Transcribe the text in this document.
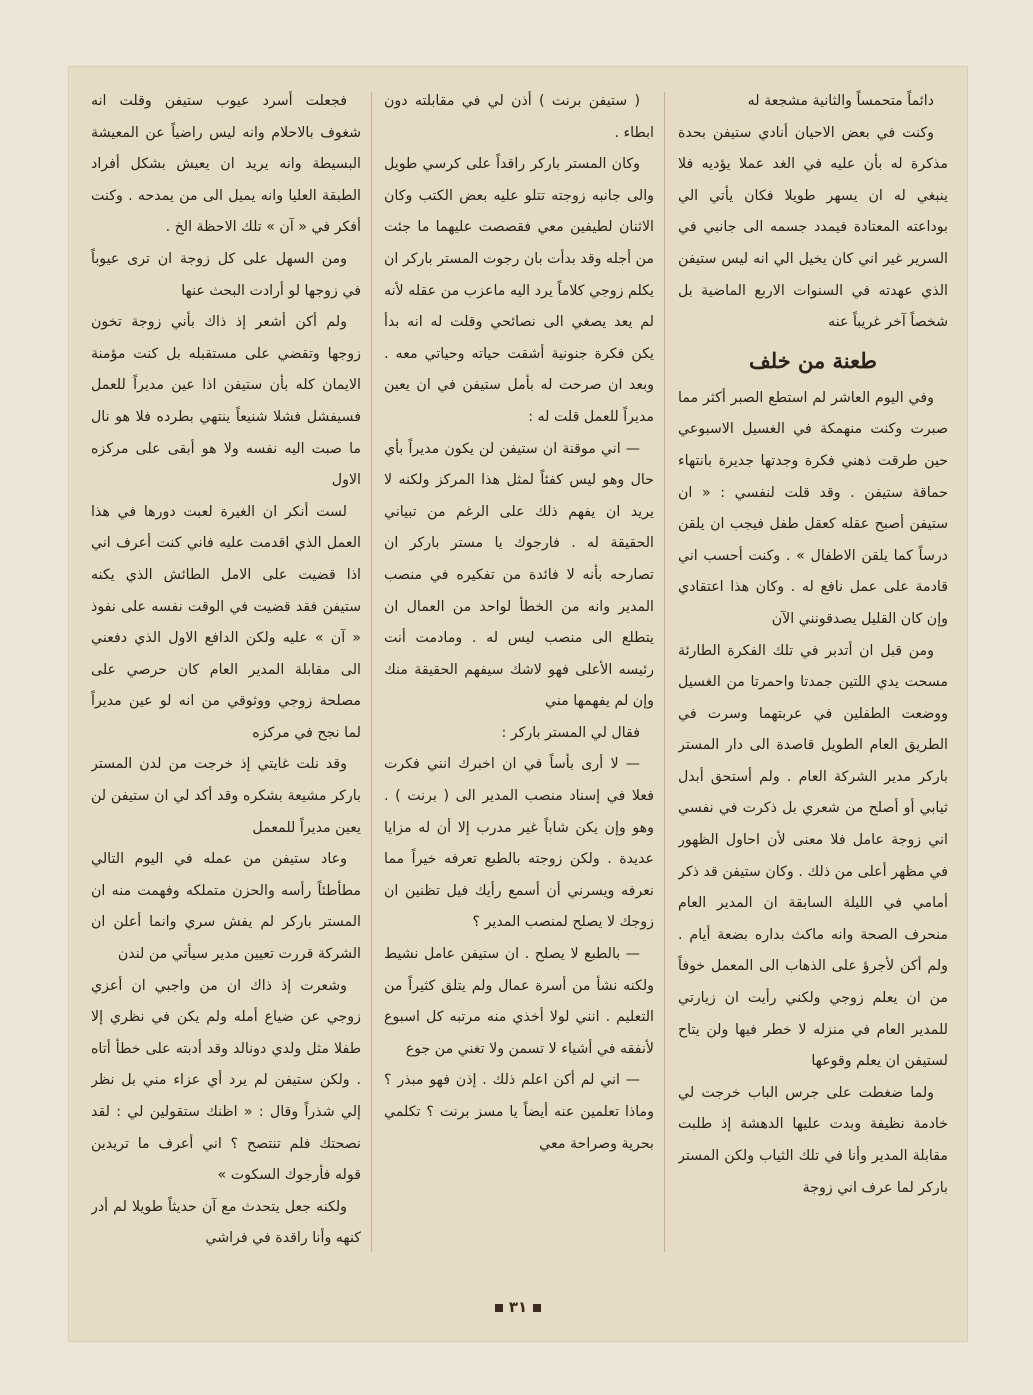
دائماً متحمساً والثانية مشجعة له

وكنت في بعض الاحيان أنادي ستيفن بحدة مذكرة له بأن عليه في الغد عملا يؤديه فلا ينبغي له ان يسهر طويلا فكان يأتي الي بوداعته المعتادة فيمدد جسمه الى جانبي في السرير غير اني كان يخيل الي انه ليس ستيفن الذي عهدته في السنوات الاربع الماضية بل شخصاً آخر غريباً عنه

طعنة من خلف

وفي اليوم العاشر لم استطع الصبر أكثر مما صبرت وكنت منهمكة في الغسيل الاسبوعي حين طرقت ذهني فكرة وجدتها جديرة بانتهاء حماقة ستيفن . وقد قلت لنفسي : « ان ستيفن أصبح عقله كعقل طفل فيجب ان يلقن درساً كما يلقن الاطفال » . وكنت أحسب اني قادمة على عمل نافع له . وكان هذا اعتقادي وإن كان القليل يصدقونني الآن

ومن قبل ان أتدبر في تلك الفكرة الطارئة مسحت يدي اللتين جمدتا واحمرتا من الغسيل ووضعت الطفلين في عربتهما وسرت في الطريق العام الطويل قاصدة الى دار المستر باركر مدير الشركة العام . ولم أستحق أبدل ثيابي أو أصلح من شعري بل ذكرت في نفسي اني زوجة عامل فلا معنى لأن احاول الظهور في مظهر أعلى من ذلك . وكان ستيفن قد ذكر أمامي في الليلة السابقة ان المدير العام منحرف الصحة وانه ماكث بداره بضعة أيام . ولم أكن لأجرؤ على الذهاب الى المعمل خوفاً من ان يعلم زوجي ولكني رأيت ان زيارتي للمدير العام في منزله لا خطر فيها ولن يتاح لستيفن ان يعلم وقوعها

ولما ضغطت على جرس الباب خرجت لي خادمة نظيفة وبدت عليها الدهشة إذ طلبت مقابلة المدير وأنا في تلك الثياب ولكن المستر باركر لما عرف اني زوجة

( ستيفن برنت ) أذن لي في مقابلته دون ابطاء .

وكان المستر باركر راقداً على كرسي طويل والى جانبه زوجته تتلو عليه بعض الكتب وكان الاثنان لطيفين معي فقصصت عليهما ما جئت من أجله وقد بدأت بان رجوت المستر باركر ان يكلم زوجي كلاماً يرد اليه ماعزب من عقله لأنه لم يعد يصغي الى نصائحي وقلت له انه بدأ يكن فكرة جنونية أشقت حياته وحياتي معه . وبعد ان صرحت له بأمل ستيفن في ان يعين مديراً للعمل قلت له :

— اني موقنة ان ستيفن لن يكون مديراً بأي حال وهو ليس كفئاً لمثل هذا المركز ولكنه لا يريد ان يفهم ذلك على الرغم من تبياني الحقيقة له . فارجوك يا مستر باركر ان تصارحه بأنه لا فائدة من تفكيره في منصب المدير وانه من الخطأ لواحد من العمال ان يتطلع الى منصب ليس له . ومادمت أنت رئيسه الأعلى فهو لاشك سيفهم الحقيقة منك وإن لم يفهمها مني

فقال لي المستر باركر :

— لا أرى بأساً في ان اخبرك انني فكرت فعلا في إسناد منصب المدير الى ( برنت ) . وهو وإن يكن شاباً غير مدرب إلا أن له مزايا عديدة . ولكن زوجته بالطبع تعرفه خيراً مما نعرفه ويسرني أن أسمع رأيك فيل تظنين ان زوجك لا يصلح لمنصب المدير ؟

— بالطبع لا يصلح . ان ستيفن عامل نشيط ولكنه نشأ من أسرة عمال ولم يتلق كثيراً من التعليم . انني لولا أخذي منه مرتبه كل اسبوع لأنفقه في أشياء لا تسمن ولا تغني من جوع

— اني لم أكن اعلم ذلك . إذن فهو مبذر ؟ وماذا تعلمين عنه أيضاً يا مسز برنت ؟ تكلمي بحرية وصراحة معي

فجعلت أسرد عيوب ستيفن وقلت انه شغوف بالاحلام وانه ليس راضياً عن المعيشة البسيطة وانه يريد ان يعيش بشكل أفراد الطبقة العليا وانه يميل الى من يمدحه . وكنت أفكر في « آن » تلك الاحظة الخ .

ومن السهل على كل زوجة ان ترى عيوباً في زوجها لو أرادت البحث عنها

ولم أكن أشعر إذ ذاك بأني زوجة تخون زوجها وتقضي على مستقبله بل كنت مؤمنة الايمان كله بأن ستيفن اذا عين مديراً للعمل فسيفشل فشلا شنيعاً ينتهي بطرده فلا هو نال ما صبت اليه نفسه ولا هو أبقى على مركزه الاول

لست أنكر ان الغيرة لعبت دورها في هذا العمل الذي اقدمت عليه فاني كنت أعرف اني اذا قضيت على الامل الطائش الذي يكنه ستيفن فقد قضيت في الوقت نفسه على نفوذ « آن » عليه ولكن الدافع الاول الذي دفعني الى مقابلة المدير العام كان حرصي على مصلحة زوجي ووثوقي من انه لو عين مديراً لما نجح في مركزه

وقد نلت غايتي إذ خرجت من لدن المستر باركر مشيعة بشكره وقد أكد لي ان ستيفن لن يعين مديراً للمعمل

وعاد ستيفن من عمله في اليوم التالي مطأطئاً رأسه والحزن متملكه وفهمت منه ان المستر باركر لم يفش سري وانما أعلن ان الشركة قررت تعيين مدير سيأتي من لندن

وشعرت إذ ذاك ان من واجبي ان أعزي زوجي عن ضياع أمله ولم يكن في نظري إلا طفلا مثل ولدي دونالد وقد أدبته على خطأ أتاه . ولكن ستيفن لم يرد أي عزاء مني بل نظر إلي شذراً وقال : « اظنك ستقولين لي : لقد نصحتك فلم تنتصح ؟ اني أعرف ما تريدين قوله فأرجوك السكوت »

ولكنه جعل يتحدث مع آن حديثاً طويلا لم أدر كنهه وأنا راقدة في فراشي

٣١
